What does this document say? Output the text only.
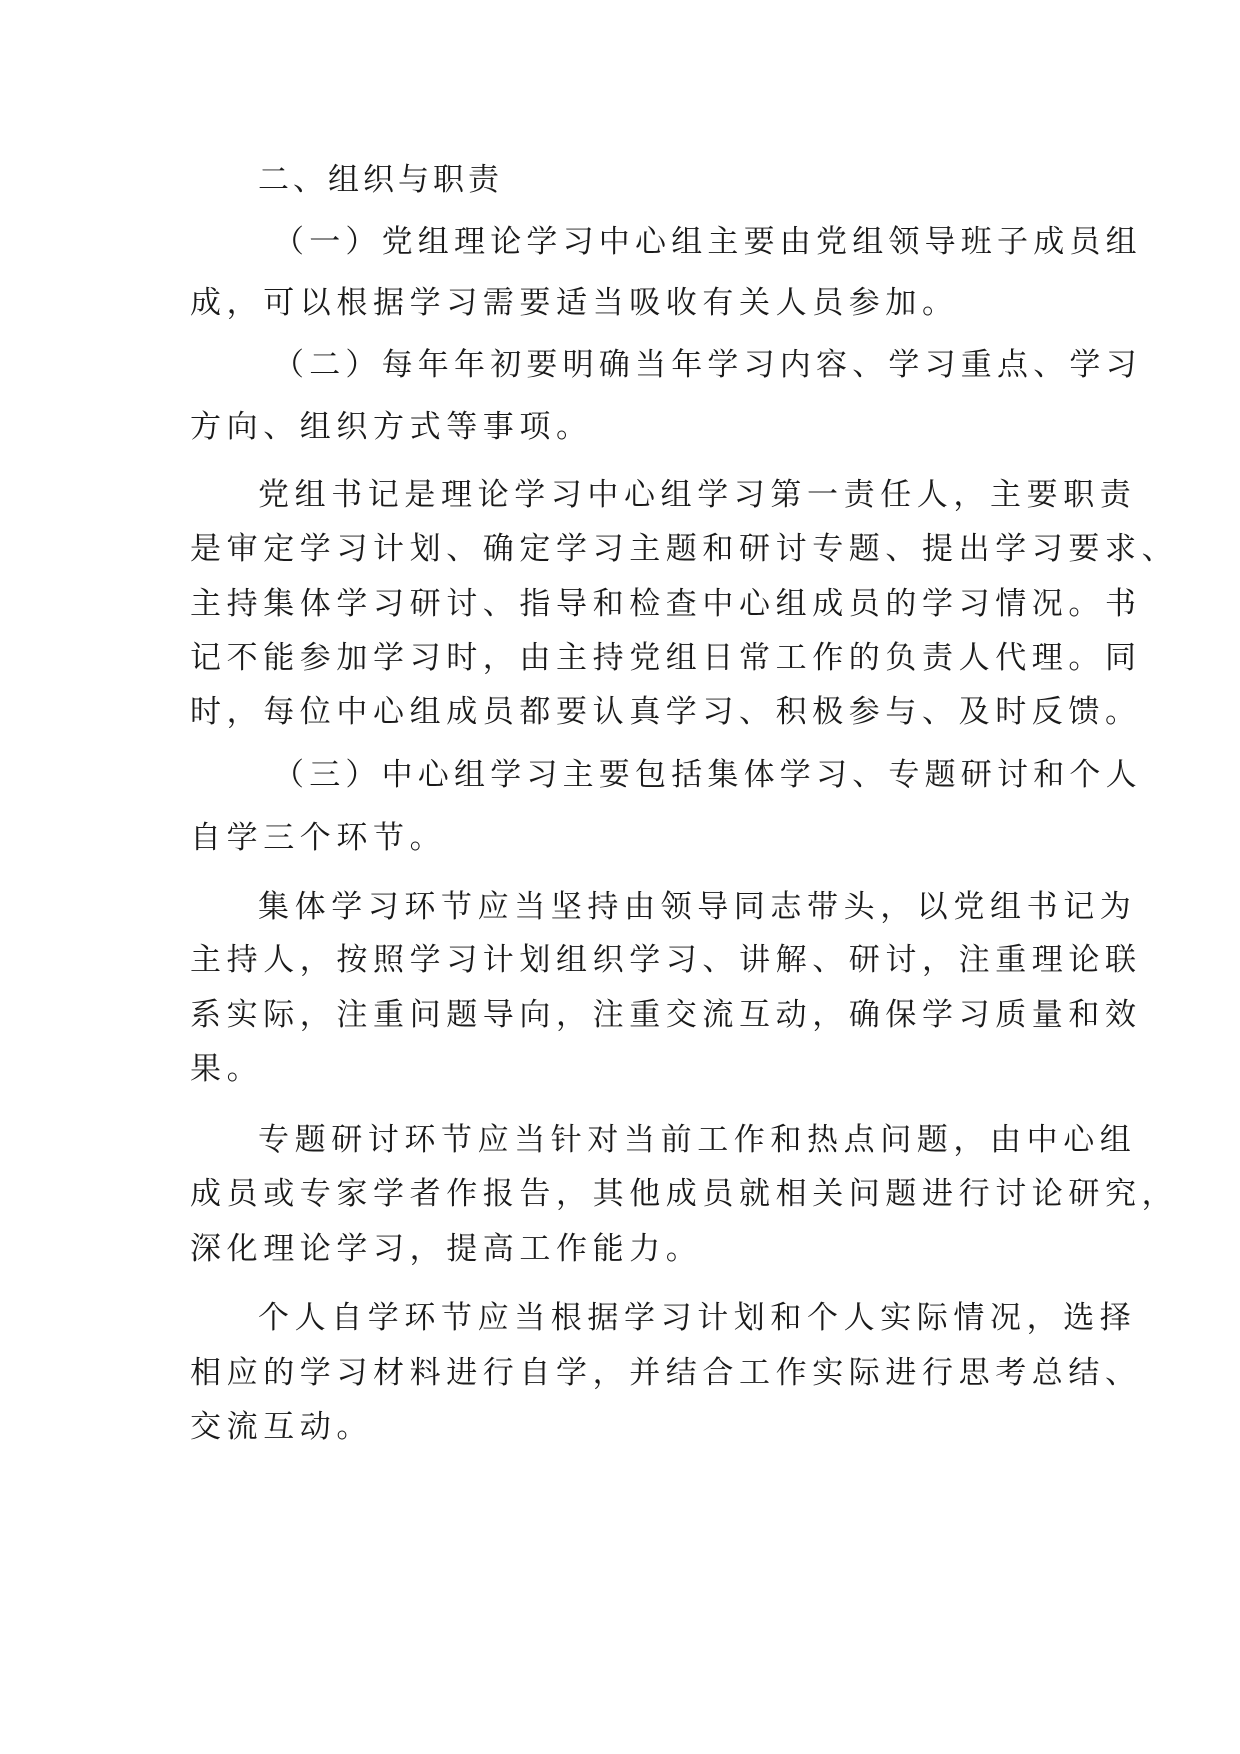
二、组织与职责
（一）党组理论学习中心组主要由党组领导班子成员组
成，可以根据学习需要适当吸收有关人员参加。
（二）每年年初要明确当年学习内容、学习重点、学习
方向、组织方式等事项。
党组书记是理论学习中心组学习第一责任人，主要职责
是审定学习计划、确定学习主题和研讨专题、提出学习要求、
主持集体学习研讨、指导和检查中心组成员的学习情况。书
记不能参加学习时，由主持党组日常工作的负责人代理。同
时，每位中心组成员都要认真学习、积极参与、及时反馈。
（三）中心组学习主要包括集体学习、专题研讨和个人
自学三个环节。
集体学习环节应当坚持由领导同志带头，以党组书记为
主持人，按照学习计划组织学习、讲解、研讨，注重理论联
系实际，注重问题导向，注重交流互动，确保学习质量和效
果。
专题研讨环节应当针对当前工作和热点问题，由中心组
成员或专家学者作报告，其他成员就相关问题进行讨论研究，
深化理论学习，提高工作能力。
个人自学环节应当根据学习计划和个人实际情况，选择
相应的学习材料进行自学，并结合工作实际进行思考总结、
交流互动。
